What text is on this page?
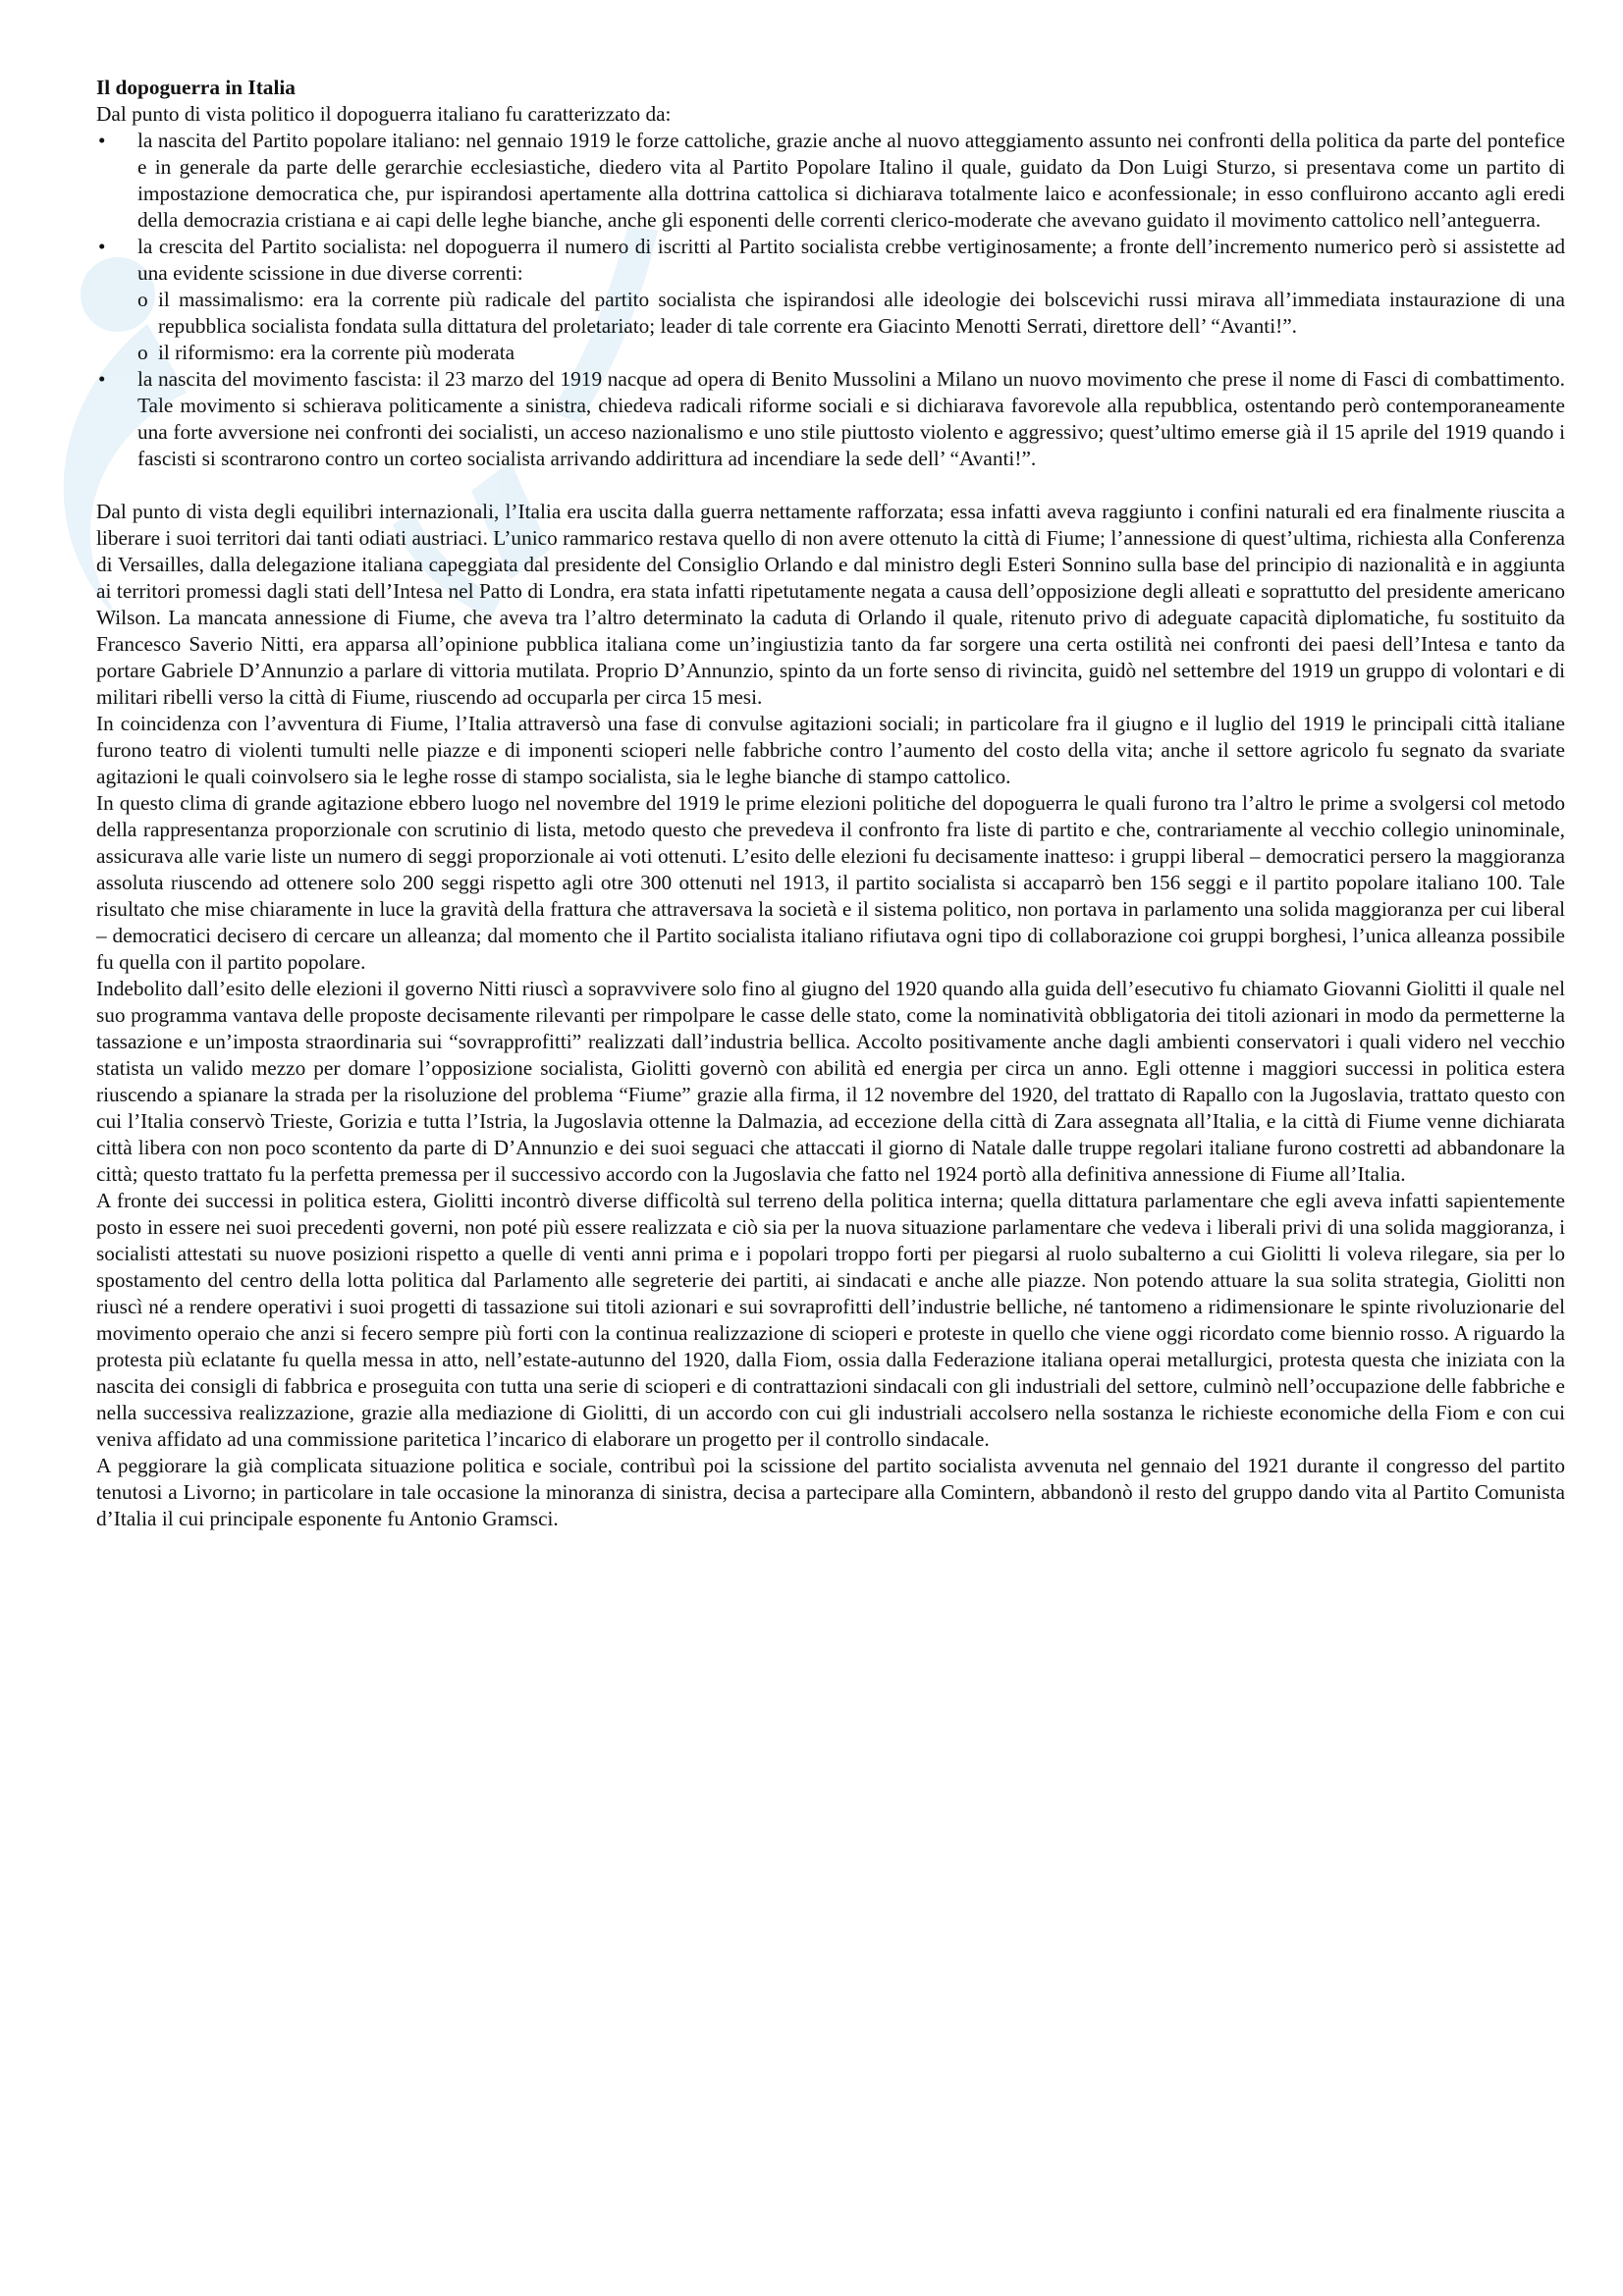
Il dopoguerra in Italia

Dal punto di vista politico il dopoguerra italiano fu caratterizzato da:

• la nascita del Partito popolare italiano: nel gennaio 1919 le forze cattoliche, grazie anche al nuovo atteggiamento assunto nei confronti della politica da parte del pontefice e in generale da parte delle gerarchie ecclesiastiche, diedero vita al Partito Popolare Italino il quale, guidato da Don Luigi Sturzo, si presentava come un partito di impostazione democratica che, pur ispirandosi apertamente alla dottrina cattolica si dichiarava totalmente laico e aconfessionale; in esso confluirono accanto agli eredi della democrazia cristiana e ai capi delle leghe bianche, anche gli esponenti delle correnti clerico-moderate che avevano guidato il movimento cattolico nell’anteguerra.
• la crescita del Partito socialista: nel dopoguerra il numero di iscritti al Partito socialista crebbe vertiginosamente; a fronte dell’incremento numerico però si assistette ad una evidente scissione in due diverse correnti:
o il massimalismo: era la corrente più radicale del partito socialista che ispirandosi alle ideologie dei bolscevichi russi mirava all’immediata instaurazione di una repubblica socialista fondata sulla dittatura del proletariato; leader di tale corrente era Giacinto Menotti Serrati, direttore dell’ “Avanti!”.
o il riformismo: era la corrente più moderata
• la nascita del movimento fascista: il 23 marzo del 1919 nacque ad opera di Benito Mussolini a Milano un nuovo movimento che prese il nome di Fasci di combattimento. Tale movimento si schierava politicamente a sinistra, chiedeva radicali riforme sociali e si dichiarava favorevole alla repubblica, ostentando però contemporaneamente una forte avversione nei confronti dei socialisti, un acceso nazionalismo e uno stile piuttosto violento e aggressivo; quest’ultimo emerse già il 15 aprile del 1919 quando i fascisti si scontrarono contro un corteo socialista arrivando addirittura ad incendiare la sede dell’ “Avanti!”.

Dal punto di vista degli equilibri internazionali, l’Italia era uscita dalla guerra nettamente rafforzata; essa infatti aveva raggiunto i confini naturali ed era finalmente riuscita a liberare i suoi territori dai tanti odiati austriaci. L’unico rammarico restava quello di non avere ottenuto la città di Fiume; l’annessione di quest’ultima, richiesta alla Conferenza di Versailles, dalla delegazione italiana capeggiata dal presidente del Consiglio Orlando e dal ministro degli Esteri Sonnino sulla base del principio di nazionalità e in aggiunta ai territori promessi dagli stati dell’Intesa nel Patto di Londra, era stata infatti ripetutamente negata a causa dell’opposizione degli alleati e soprattutto del presidente americano Wilson. La mancata annessione di Fiume, che aveva tra l’altro determinato la caduta di Orlando il quale, ritenuto privo di adeguate capacità diplomatiche, fu sostituito da Francesco Saverio Nitti, era apparsa all’opinione pubblica italiana come un’ingiustizia tanto da far sorgere una certa ostilità nei confronti dei paesi dell’Intesa e tanto da portare Gabriele D’Annunzio a parlare di vittoria mutilata. Proprio D’Annunzio, spinto da un forte senso di rivincita, guidò nel settembre del 1919 un gruppo di volontari e di militari ribelli verso la città di Fiume, riuscendo ad occuparla per circa 15 mesi.

In coincidenza con l’avventura di Fiume, l’Italia attraversò una fase di convulse agitazioni sociali; in particolare fra il giugno e il luglio del 1919 le principali città italiane furono teatro di violenti tumulti nelle piazze e di imponenti scioperi nelle fabbriche contro l’aumento del costo della vita; anche il settore agricolo fu segnato da svariate agitazioni le quali coinvolsero sia le leghe rosse di stampo socialista, sia le leghe bianche di stampo cattolico.

In questo clima di grande agitazione ebbero luogo nel novembre del 1919 le prime elezioni politiche del dopoguerra le quali furono tra l’altro le prime a svolgersi col metodo della rappresentanza proporzionale con scrutinio di lista, metodo questo che prevedeva il confronto fra liste di partito e che, contrariamente al vecchio collegio uninominale, assicurava alle varie liste un numero di seggi proporzionale ai voti ottenuti. L’esito delle elezioni fu decisamente inatteso: i gruppi liberal – democratici persero la maggioranza assoluta riuscendo ad ottenere solo 200 seggi rispetto agli otre 300 ottenuti nel 1913, il partito socialista si accaparrò ben 156 seggi e il partito popolare italiano 100. Tale risultato che mise chiaramente in luce la gravità della frattura che attraversava la società e il sistema politico, non portava in parlamento una solida maggioranza per cui liberal – democratici decisero di cercare un alleanza; dal momento che il Partito socialista italiano rifiutava ogni tipo di collaborazione coi gruppi borghesi, l’unica alleanza possibile fu quella con il partito popolare.

Indebolito dall’esito delle elezioni il governo Nitti riuscì a sopravvivere solo fino al giugno del 1920 quando alla guida dell’esecutivo fu chiamato Giovanni Giolitti il quale nel suo programma vantava delle proposte decisamente rilevanti per rimpolpare le casse delle stato, come la nominatività obbligatoria dei titoli azionari in modo da permetterne la tassazione e un’imposta straordinaria sui “sovrapprofitti” realizzati dall’industria bellica. Accolto positivamente anche dagli ambienti conservatori i quali videro nel vecchio statista un valido mezzo per domare l’opposizione socialista, Giolitti governò con abilità ed energia per circa un anno. Egli ottenne i maggiori successi in politica estera riuscendo a spianare la strada per la risoluzione del problema “Fiume” grazie alla firma, il 12 novembre del 1920, del trattato di Rapallo con la Jugoslavia, trattato questo con cui l’Italia conservò Trieste, Gorizia e tutta l’Istria, la Jugoslavia ottenne la Dalmazia, ad eccezione della città di Zara assegnata all’Italia, e la città di Fiume venne dichiarata città libera con non poco scontento da parte di D’Annunzio e dei suoi seguaci che attaccati il giorno di Natale dalle truppe regolari italiane furono costretti ad abbandonare la città; questo trattato fu la perfetta premessa per il successivo accordo con la Jugoslavia che fatto nel 1924 portò alla definitiva annessione di Fiume all’Italia.

A fronte dei successi in politica estera, Giolitti incontrò diverse difficoltà sul terreno della politica interna; quella dittatura parlamentare che egli aveva infatti sapientemente posto in essere nei suoi precedenti governi, non poté più essere realizzata e ciò sia per la nuova situazione parlamentare che vedeva i liberali privi di una solida maggioranza, i socialisti attestati su nuove posizioni rispetto a quelle di venti anni prima e i popolari troppo forti per piegarsi al ruolo subalterno a cui Giolitti li voleva rilegare, sia per lo spostamento del centro della lotta politica dal Parlamento alle segreterie dei partiti, ai sindacati e anche alle piazze. Non potendo attuare la sua solita strategia, Giolitti non riuscì né a rendere operativi i suoi progetti di tassazione sui titoli azionari e sui sovraprofitti dell’industrie belliche, né tantomeno a ridimensionare le spinte rivoluzionarie del movimento operaio che anzi si fecero sempre più forti con la continua realizzazione di scioperi e proteste in quello che viene oggi ricordato come biennio rosso. A riguardo la protesta più eclatante fu quella messa in atto, nell’estate-autunno del 1920, dalla Fiom, ossia dalla Federazione italiana operai metallurgici, protesta questa che iniziata con la nascita dei consigli di fabbrica e proseguita con tutta una serie di scioperi e di contrattazioni sindacali con gli industriali del settore, culminò nell’occupazione delle fabbriche e nella successiva realizzazione, grazie alla mediazione di Giolitti, di un accordo con cui gli industriali accolsero nella sostanza le richieste economiche della Fiom e con cui veniva affidato ad una commissione paritetica l’incarico di elaborare un progetto per il controllo sindacale.

A peggiorare la già complicata situazione politica e sociale, contribuì poi la scissione del partito socialista avvenuta nel gennaio del 1921 durante il congresso del partito tenutosi a Livorno; in particolare in tale occasione la minoranza di sinistra, decisa a partecipare alla Comintern, abbandonò il resto del gruppo dando vita al Partito Comunista d’Italia il cui principale esponente fu Antonio Gramsci.
